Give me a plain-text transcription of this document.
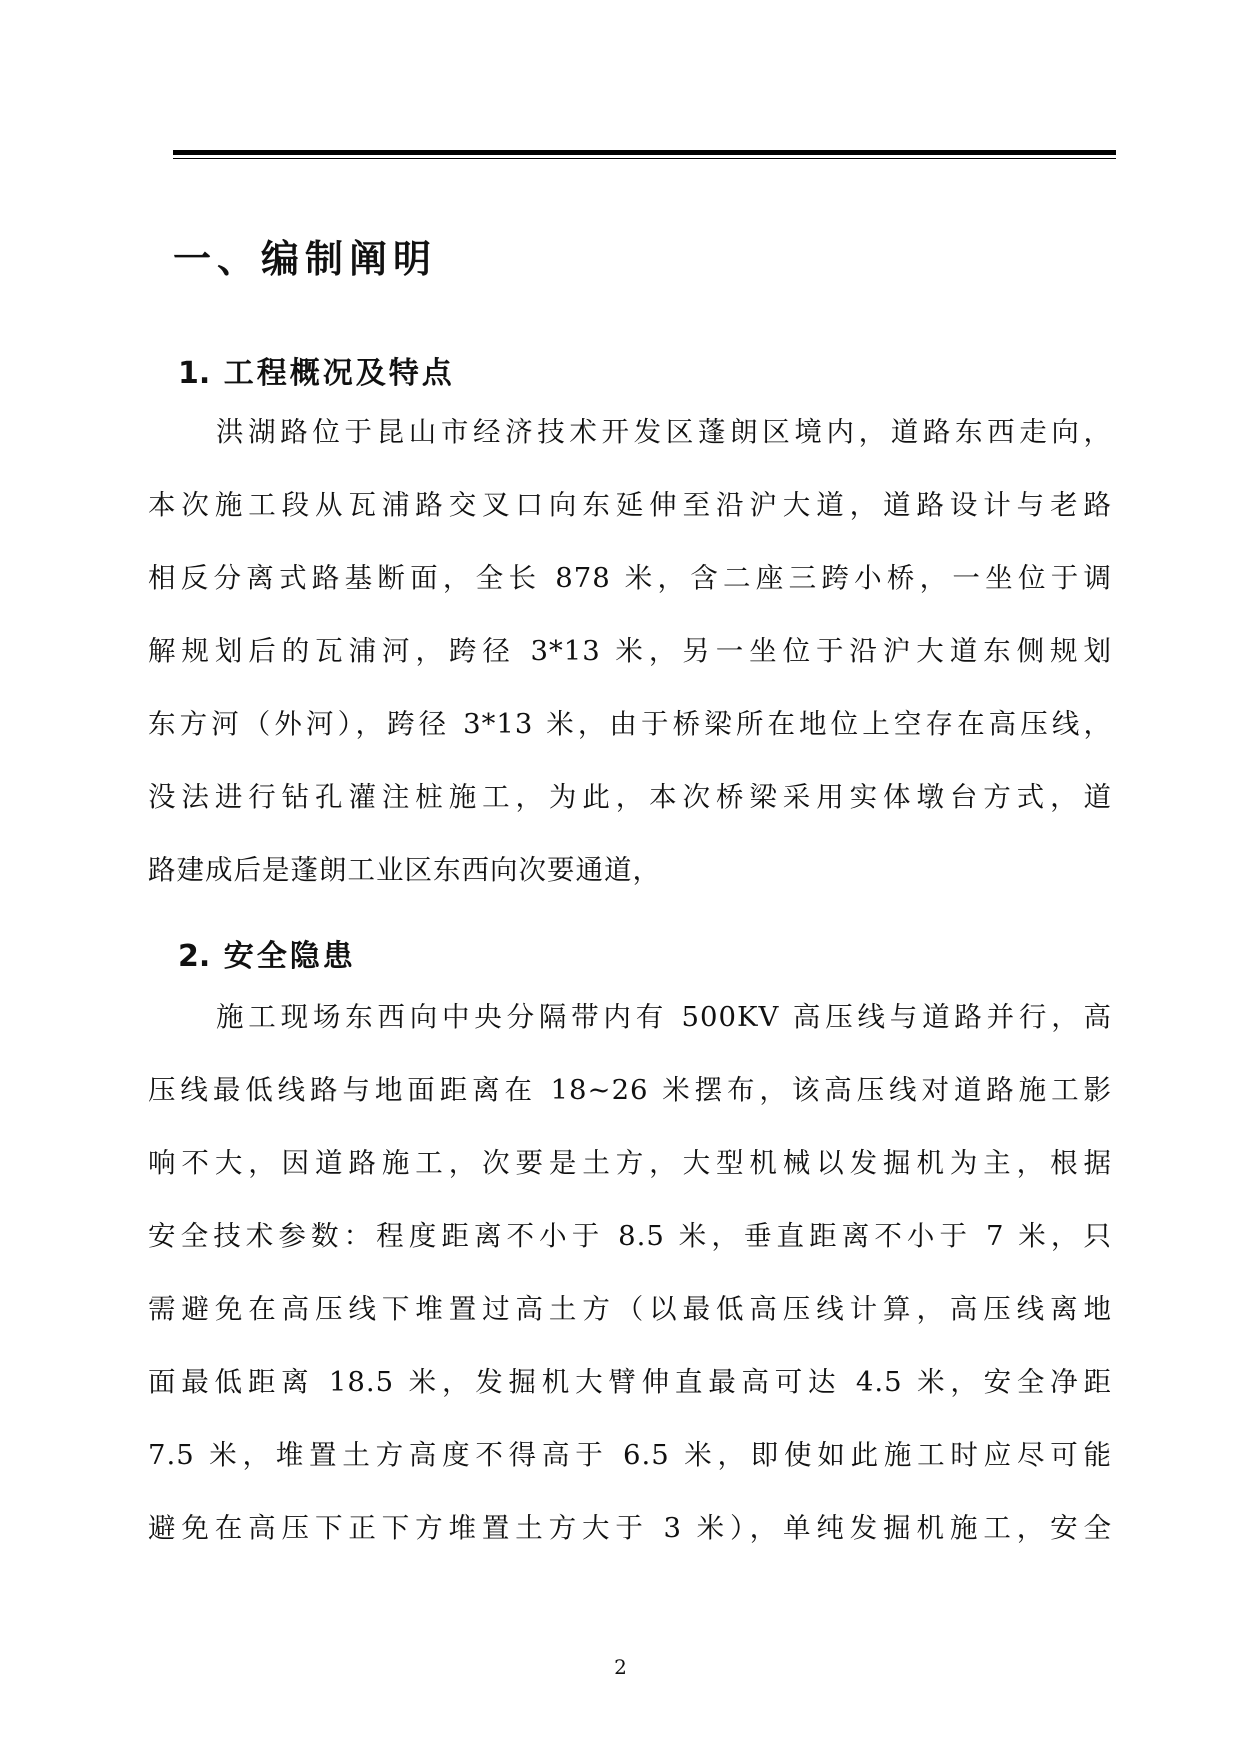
一、编制阐明
1. 工程概况及特点
洪湖路位于昆山市经济技术开发区蓬朗区境内，道路东西走向，
本次施工段从瓦浦路交叉口向东延伸至沿沪大道，道路设计与老路
相反分离式路基断面，全长 878 米，含二座三跨小桥，一坐位于调
解规划后的瓦浦河，跨径 3*13 米，另一坐位于沿沪大道东侧规划
东方河（外河），跨径 3*13 米，由于桥梁所在地位上空存在高压线，
没法进行钻孔灌注桩施工，为此，本次桥梁采用实体墩台方式，道
路建成后是蓬朗工业区东西向次要通道，
2. 安全隐患
施工现场东西向中央分隔带内有 500KV 高压线与道路并行，高
压线最低线路与地面距离在 18~26 米摆布，该高压线对道路施工影
响不大，因道路施工，次要是土方，大型机械以发掘机为主，根据
安全技术参数：程度距离不小于 8.5 米，垂直距离不小于 7 米，只
需避免在高压线下堆置过高土方（以最低高压线计算，高压线离地
面最低距离 18.5 米，发掘机大臂伸直最高可达 4.5 米，安全净距
7.5 米，堆置土方高度不得高于 6.5 米，即使如此施工时应尽可能
避免在高压下正下方堆置土方大于 3 米），单纯发掘机施工，安全
2
